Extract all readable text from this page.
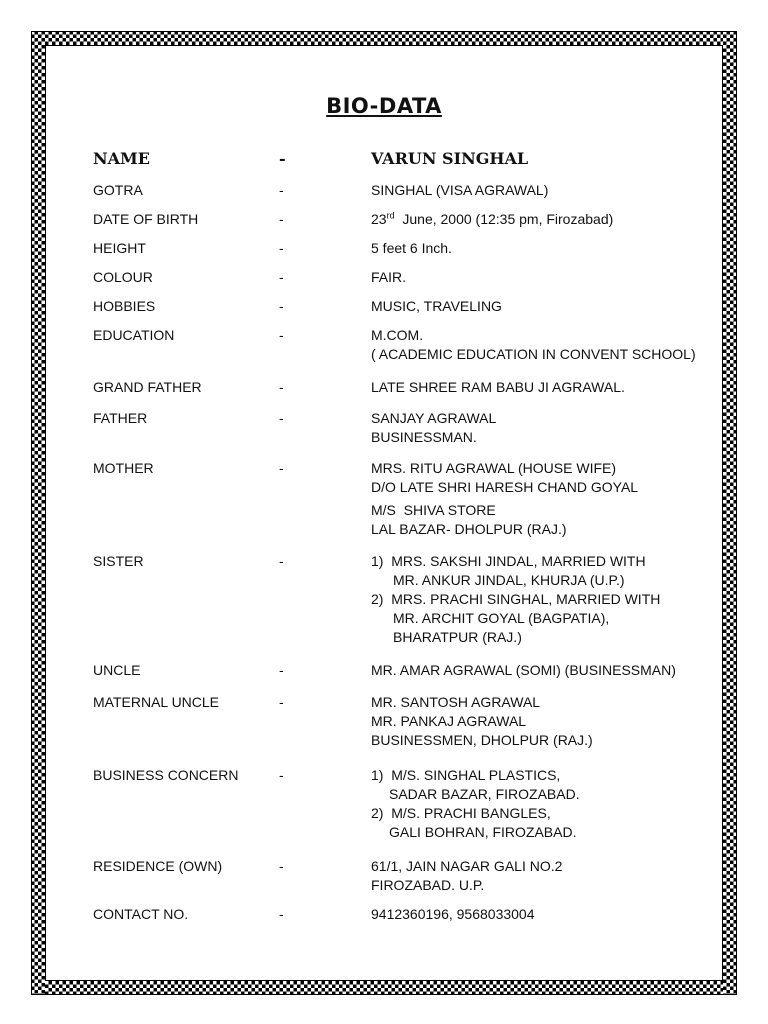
BIO-DATA
NAME	-	VARUN SINGHAL
GOTRA	-	SINGHAL (VISA AGRAWAL)
DATE OF BIRTH	-	23rd  June, 2000 (12:35 pm, Firozabad)
HEIGHT	-	5 feet 6 Inch.
COLOUR	-	FAIR.
HOBBIES	-	MUSIC, TRAVELING
EDUCATION	-	M.COM.
( ACADEMIC EDUCATION IN CONVENT SCHOOL)
GRAND FATHER	-	LATE SHREE RAM BABU JI AGRAWAL.
FATHER	-	SANJAY AGRAWAL
BUSINESSMAN.
MOTHER	-	MRS. RITU AGRAWAL (HOUSE WIFE)
D/O LATE SHRI HARESH CHAND GOYAL
M/S  SHIVA STORE
LAL BAZAR- DHOLPUR (RAJ.)
SISTER	-	1)  MRS. SAKSHI JINDAL, MARRIED WITH
MR. ANKUR JINDAL, KHURJA (U.P.)
2)  MRS. PRACHI SINGHAL, MARRIED WITH
MR. ARCHIT GOYAL (BAGPATIA),
BHARATPUR (RAJ.)
UNCLE	-	MR. AMAR AGRAWAL (SOMI) (BUSINESSMAN)
MATERNAL UNCLE	-	MR. SANTOSH AGRAWAL
MR. PANKAJ AGRAWAL
BUSINESSMEN, DHOLPUR (RAJ.)
BUSINESS CONCERN	-	1)  M/S. SINGHAL PLASTICS,
SADAR BAZAR, FIROZABAD.
2)  M/S. PRACHI BANGLES,
GALI BOHRAN, FIROZABAD.
RESIDENCE (OWN)	-	61/1, JAIN NAGAR GALI NO.2
FIROZABAD. U.P.
CONTACT NO.	-	9412360196, 9568033004
